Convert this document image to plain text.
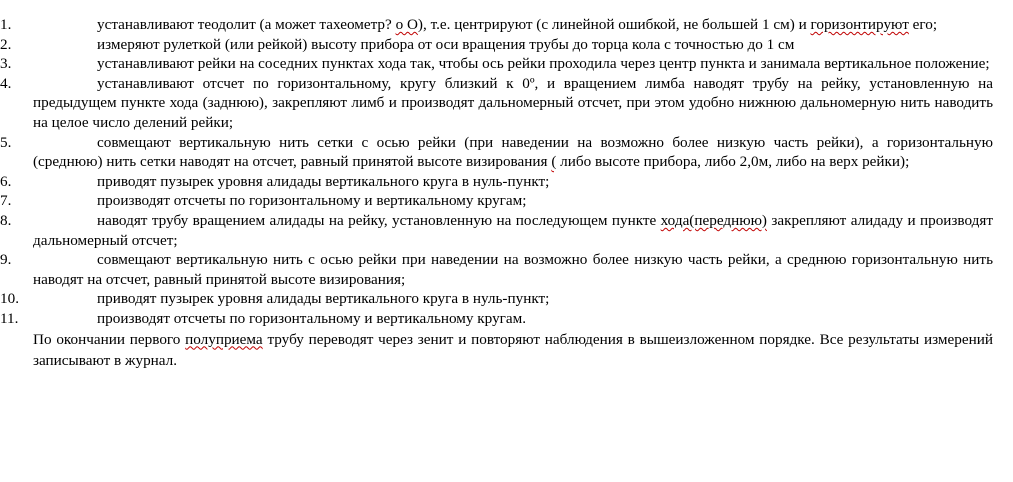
1.	устанавливают теодолит (а может тахеометр? о О), т.е. центрируют (с линейной ошибкой, не большей 1 см) и горизонтируют его;
2.	измеряют рулеткой (или рейкой) высоту прибора от оси вращения трубы до торца кола с точностью до 1 см
3.	устанавливают рейки на соседних пунктах хода так, чтобы ось рейки проходила через центр пункта и занимала вертикальное положение;
4.	устанавливают отсчет по горизонтальному, кругу близкий к 0º, и вращением лимба наводят трубу на рейку, установленную на предыдущем пункте хода (заднюю), закрепляют лимб и производят дальномерный отсчет, при этом удобно нижнюю дальномерную нить наводить на целое число делений рейки;
5.	совмещают вертикальную нить сетки с осью рейки (при наведении на возможно более низкую часть рейки), а горизонтальную (среднюю) нить сетки наводят на отсчет, равный принятой высоте визирования ( либо высоте прибора, либо 2,0м, либо на верх рейки);
6.	приводят пузырек уровня алидады вертикального круга в нуль-пункт;
7.	производят отсчеты по горизонтальному и вертикальному кругам;
8.	наводят трубу вращением алидады на рейку, установленную на последующем пункте хода(переднюю) закрепляют алидаду и производят дальномерный отсчет;
9.	совмещают вертикальную нить с осью рейки при наведении на возможно более низкую часть рейки, а среднюю горизонтальную нить наводят на отсчет, равный принятой высоте визирования;
10.	приводят пузырек уровня алидады вертикального круга в нуль-пункт;
11.	производят отсчеты по горизонтальному и вертикальному кругам.
По окончании первого полуприема трубу переводят через зенит и повторяют наблюдения в вышеизложенном порядке. Все результаты измерений записывают в журнал.
